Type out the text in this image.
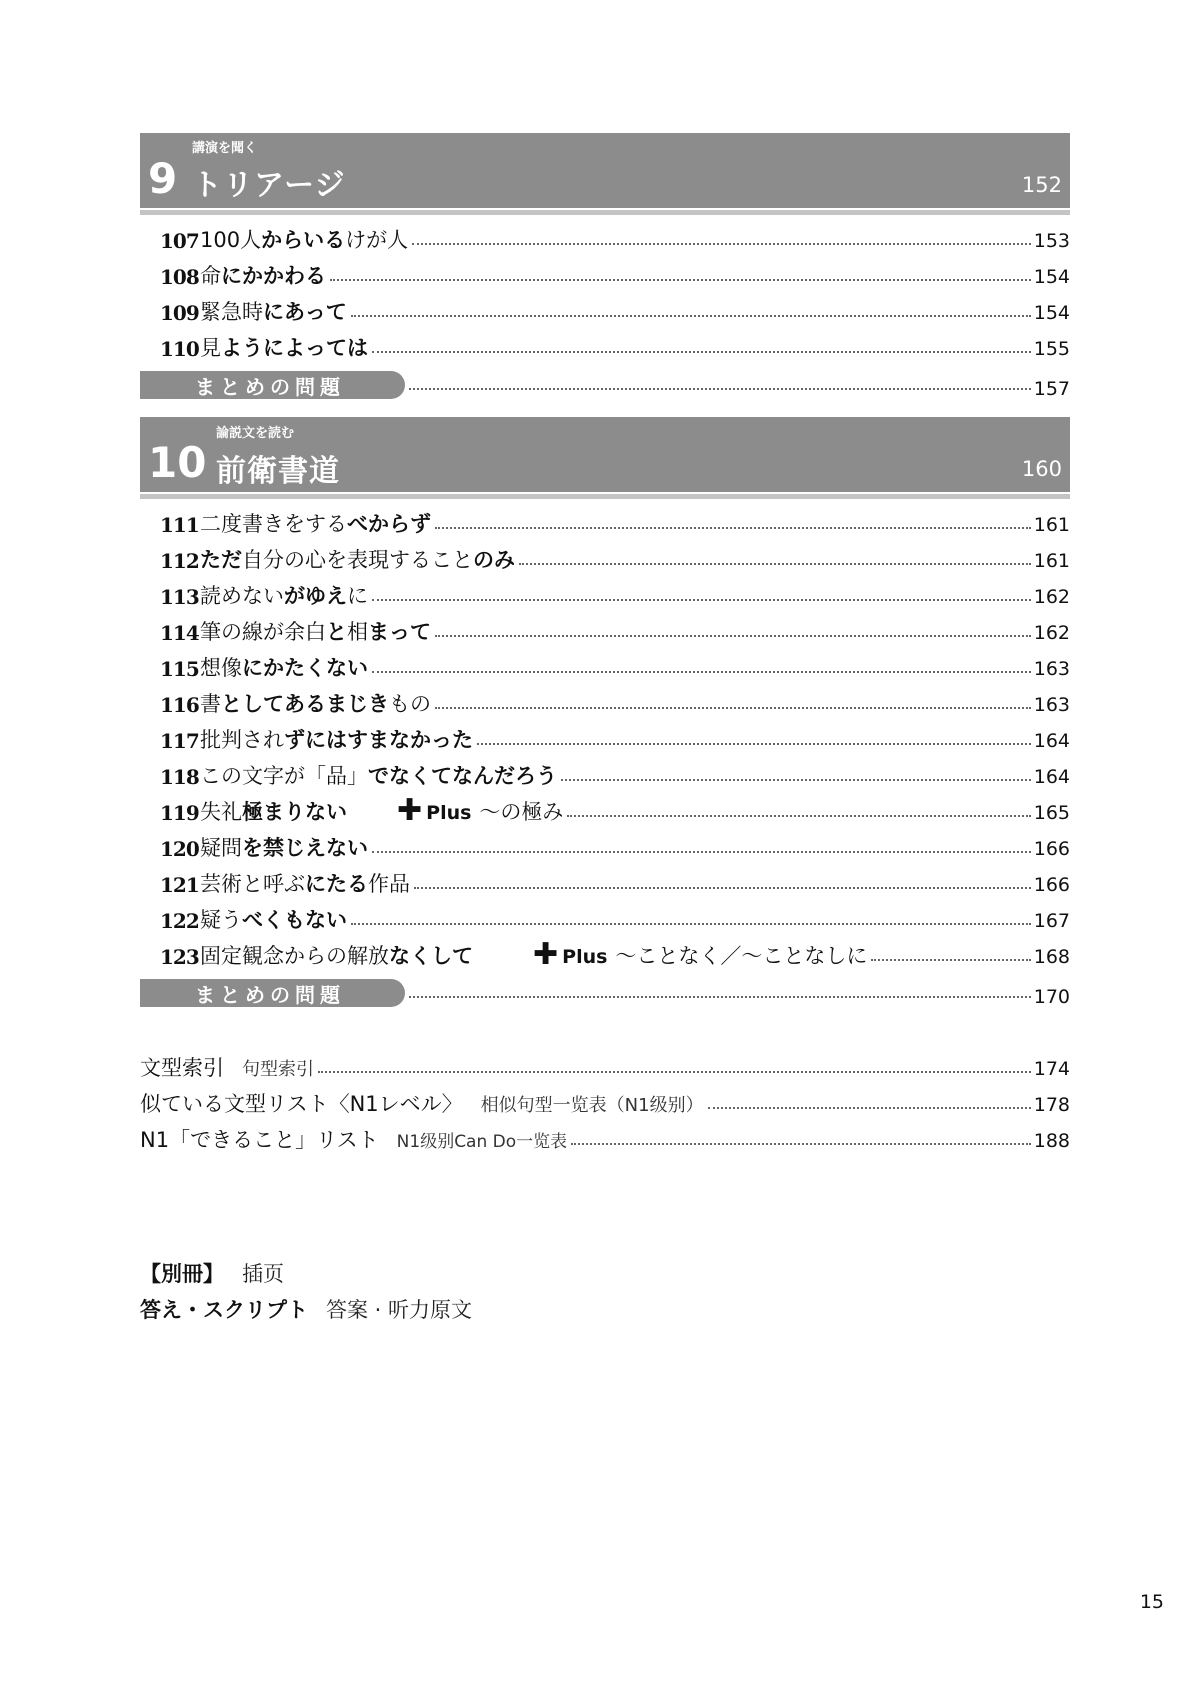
9
講演を聞く
トリアージ	152
107 100人からいるけが人	153
108 命にかかわる	154
109 緊急時にあって	154
110 見ようによっては	155
まとめの問題	157
10
論説文を読む
前衛書道	160
111 二度書きをするべからず	161
112 ただ自分の心を表現することのみ	161
113 読めないがゆえに	162
114 筆の線が余白と相まって	162
115 想像にかたくない	163
116 書としてあるまじきもの	163
117 批判されずにはすまなかった	164
118 この文字が「品」でなくてなんだろう	164
119 失礼極まりない ✚ Plus ～の極み	165
120 疑問を禁じえない	166
121 芸術と呼ぶにたる作品	166
122 疑うべくもない	167
123 固定観念からの解放なくして ✚ Plus ～ことなく／～ことなしに	168
まとめの問題	170
文型索引 句型索引	174
似ている文型リスト〈N1レベル〉 相似句型一览表（N1级别）	178
N1「できること」リスト N1级别Can Do一览表	188
【別冊】 插页
答え・スクリプト 答案 · 听力原文
15
